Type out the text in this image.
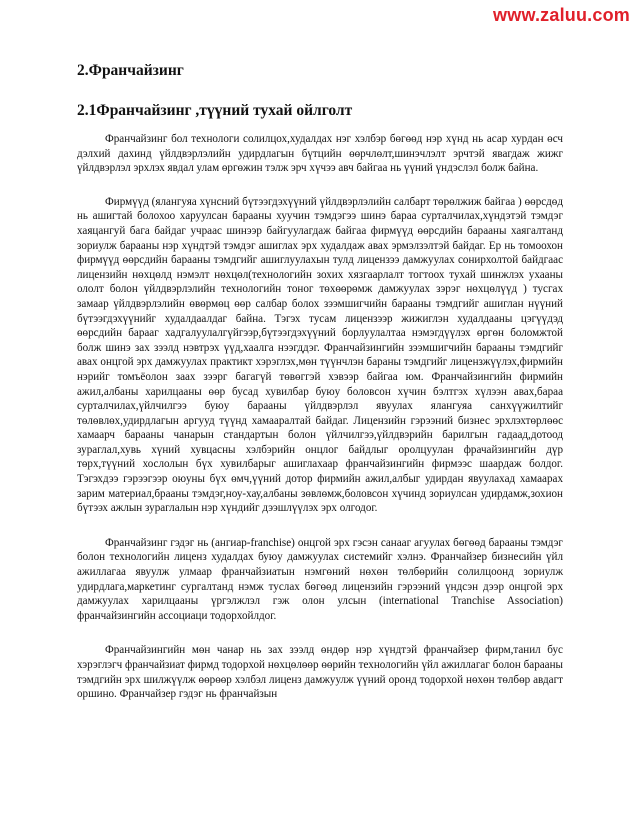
www.zaluu.com
2.Франчайзинг
2.1Франчайзинг ,түүний тухай ойлголт

Франчайзинг бол технологи солилцох,худалдах нэг хэлбэр бөгөөд нэр хүнд нь асар хурдан өсч дэлхий дахинд үйлдвэрлэлийн удирдлагын бүтцийн өөрчлөлт,шинэчлэлт эрчтэй явагдаж жижг үйлдвэрлэл эрхлэх явдал улам өргөжин тэлж эрч хүчээ авч байгаа нь үүний үндэслэл болж байна.

Фирмүүд (ялангуяа хүнсний бүтээгдэхүүний үйлдвэрлэлийн салбарт төрөлжиж байгаа ) өөрсдөд нь ашигтай болохоо харуулсан барааны хуучин тэмдэгээ шинэ бараа сурталчилах,хүндэтэй тэмдэг хаяцангуй бага байдаг учраас шинээр байгуулагдаж байгаа фирмүүд өөрсдийн барааны хаягалтанд зориулж барааны нэр хүндтэй тэмдэг ашиглах эрх худалдаж авах эрмэлзэлтэй байдаг. Ер нь томоохон фирмүүд өөрсдийн барааны тэмдгийг ашиглуулахын тулд лицензээ дамжуулах сонирхолтой байдгаас лицензийн нөхцөлд нэмэлт нөхцөл(технологийн зохих хязгаарлалт тогтоох тухай шинжлэх ухааны ололт болон үйлдвэрлэлийн технологийн тоног төхөөрөмж дамжуулах зэрэг нөхцөлүүд ) тусгах замаар үйлдвэрлэлийн өвөрмөц өөр салбар болох зээмшигчийн барааны тэмдгийг ашиглан нүүний бүтээгдэхүүнийг худалдаалдаг байна. Тэгэх тусам лицензээр жижиглэн худалдааны цэгүүдэд өөрсдийн барааг хадгалуулалгүйгээр,бүтээгдэхүүний борлуулалтаа нэмэгдүүлэх өргөн боломжтой болж шинэ зах зээлд нэвтрэх үүд,хаалга нээгддэг. Франчайзингийн зээмшигчийн барааны тэмдгийг авах онцгой эрх дамжуулах практикт хэрэглэх,мөн түүнчлэн бараны тэмдгийг лицензжүүлэх,фирмийн нэрийг томъёолон заах зээрг багагүй төвөггэй хэвээр байгаа юм. Франчайзингийн фирмийн ажил,албаны харилцааны өөр бусад хувилбар буюу боловсон хүчин бэлтгэх хүлээн авах,бараа сурталчилах,үйлчилгээ буюу барааны үйлдвэрлэл явуулах ялангуяа санхүүжилтийг төлөвлөх,удирдлагын аргууд түүнд хамааралтай байдаг. Лицензийн гэрээний бизнес эрхлэхтөрлөөс хамаарч барааны чанарын стандартын болон үйлчилгээ,үйлдвэрийн барилгын гадаад,дотоод зураглал,хувь хүний хувцасны хэлбэрийн онцлог байдлыг оролцуулан фрачайзингийн дүр төрх,түүний хослолын бүх хувилбарыг ашиглахаар франчайзингийн фирмээс шаардаж болдог. Тэгэхдээ гэрээгээр оюуны бүх өмч,үүний дотор фирмийн ажил,албыг удирдан явуулахад хамаарах зарим материал,брааны тэмдэг,ноу-хау,албаны зөвлөмж,боловсон хүчинд зориулсан удирдамж,зохион бүтээх ажлын зураглалын нэр хүндийг дээшлүүлэх эрх олгодог.

Франчайзинг гэдэг нь (ангиар-franchise) онцгой эрх гэсэн санааг агуулах бөгөөд барааны тэмдэг болон технологийн лиценз худалдах буюу дамжуулах системийг хэлнэ. Франчайзер бизнесийн үйл ажиллагаа явуулж улмаар франчайзиатын нэмгөний нөхөн төлбөрийн солилцоонд зориулж удирдлага,маркетинг сургалтанд нэмж туслах бөгөөд лицензийн гэрээний үндсэн дээр онцгой эрх дамжуулах харилцааны үргэлжлэл гэж олон улсын (international Tranchise Association) франчайзингийн ассоциаци тодорхойлдог.

Франчайзингийн мөн чанар нь зах зээлд өндөр нэр хүндтэй франчайзер фирм,танил бус хэрэглэгч франчайзиат фирмд тодорхой нөхцөлөөр өөрийн технологийн үйл ажиллагаг болон барааны тэмдгийн эрх шилжүүлж өөрөөр хэлбэл лиценз дамжуулж үүний оронд тодорхой нөхөн төлбөр авдагт оршино. Франчайзер гэдэг нь франчайзын
